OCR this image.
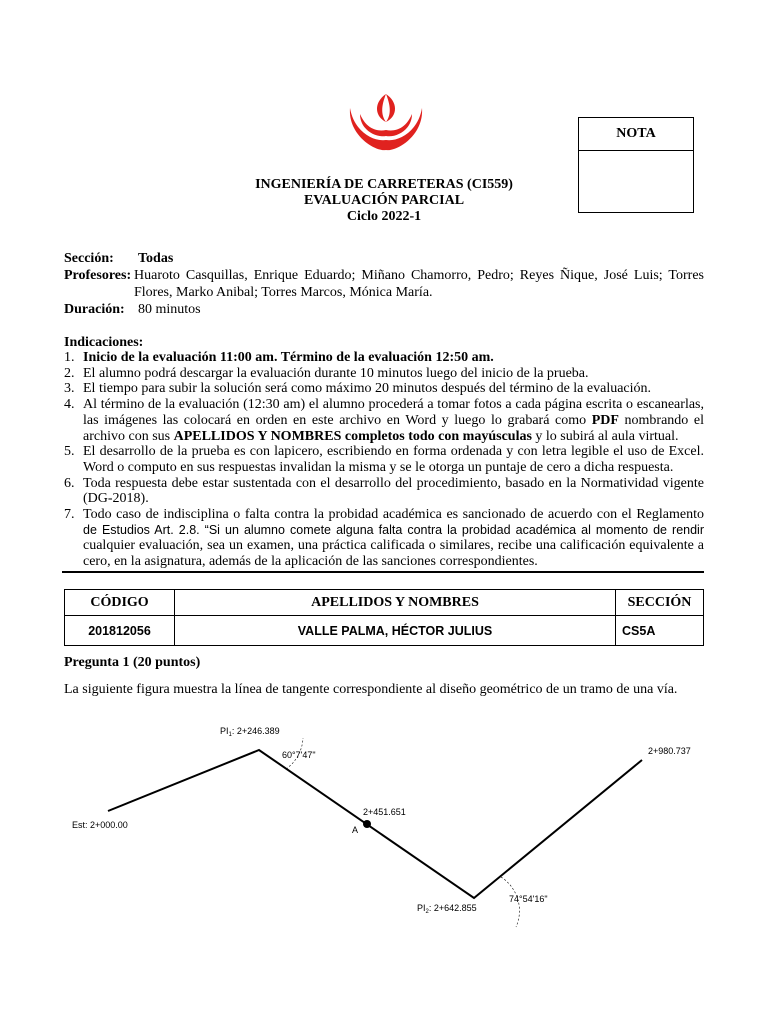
NOTA
INGENIERÍA DE CARRETERAS (CI559)
EVALUACIÓN PARCIAL
Ciclo 2022-1
Sección:	Todas
Profesores: Huaroto Casquillas, Enrique Eduardo; Miñano Chamorro, Pedro; Reyes Ñique, José Luis; Torres Flores, Marko Anibal; Torres Marcos, Mónica María.
Duración: 80 minutos
Indicaciones:
1. Inicio de la evaluación 11:00 am. Término de la evaluación 12:50 am.
2. El alumno podrá descargar la evaluación durante 10 minutos luego del inicio de la prueba.
3. El tiempo para subir la solución será como máximo 20 minutos después del término de la evaluación.
4. Al término de la evaluación (12:30 am) el alumno procederá a tomar fotos a cada página escrita o escanearlas, las imágenes las colocará en orden en este archivo en Word y luego lo grabará como PDF nombrando el archivo con sus APELLIDOS Y NOMBRES completos todo con mayúsculas y lo subirá al aula virtual.
5. El desarrollo de la prueba es con lapicero, escribiendo en forma ordenada y con letra legible el uso de Excel. Word o computo en sus respuestas invalidan la misma y se le otorga un puntaje de cero a dicha respuesta.
6. Toda respuesta debe estar sustentada con el desarrollo del procedimiento, basado en la Normatividad vigente (DG-2018).
7. Todo caso de indisciplina o falta contra la probidad académica es sancionado de acuerdo con el Reglamento de Estudios Art. 2.8. “Si un alumno comete alguna falta contra la probidad académica al momento de rendir cualquier evaluación, sea un examen, una práctica calificada o similares, recibe una calificación equivalente a cero, en la asignatura, además de la aplicación de las sanciones correspondientes.
CÓDIGO	APELLIDOS Y NOMBRES	SECCIÓN
201812056	VALLE PALMA, HÉCTOR JULIUS	CS5A
Pregunta 1 (20 puntos)
La siguiente figura muestra la línea de tangente correspondiente al diseño geométrico de un tramo de una vía.
Est: 2+000.00
$PI_1$: 2+246.389
60°7'47"
2+451.651
A
$PI_2$: 2+642.855
74°54'16"
2+980.737
